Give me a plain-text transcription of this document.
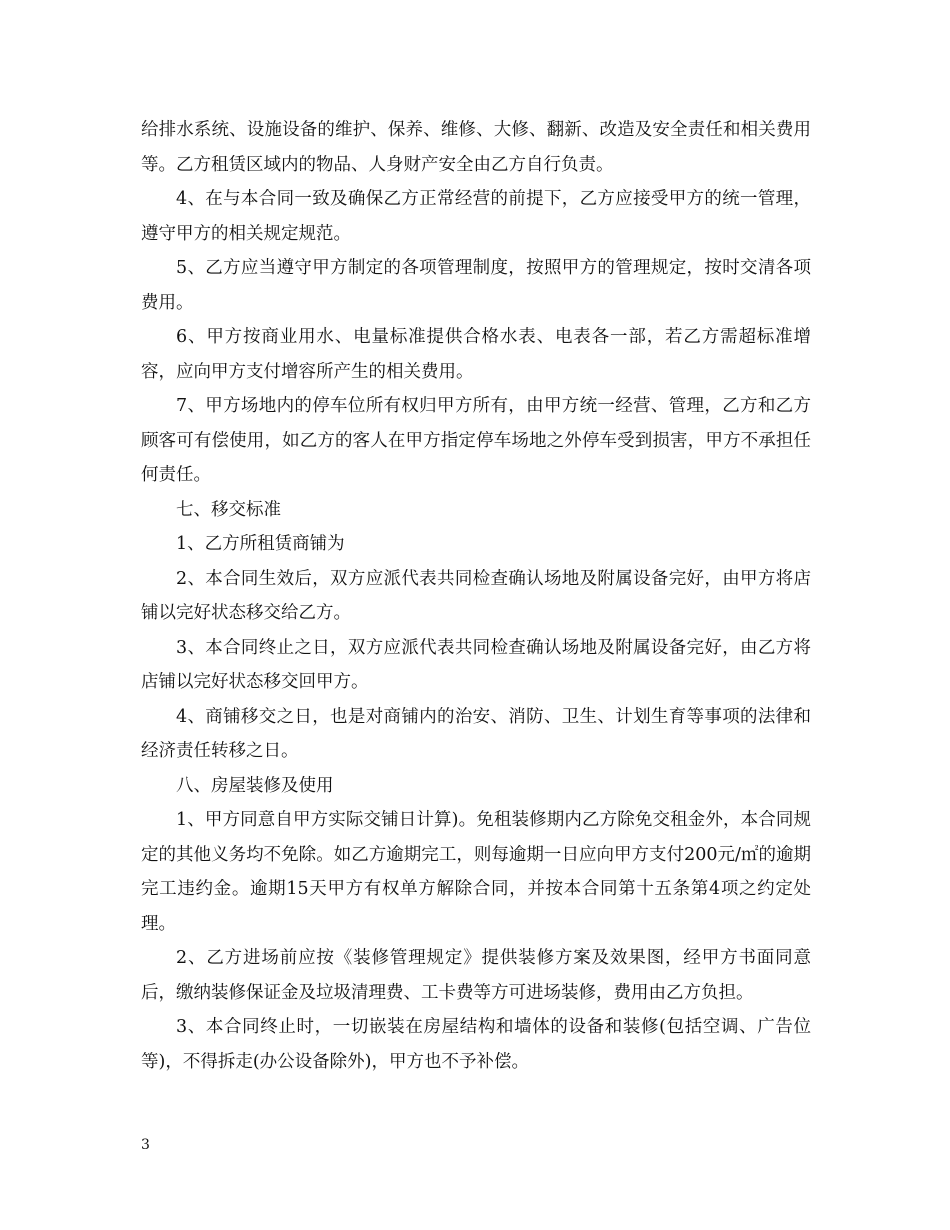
给排水系统、设施设备的维护、保养、维修、大修、翻新、改造及安全责任和相关费用等。乙方租赁区域内的物品、人身财产安全由乙方自行负责。

4、在与本合同一致及确保乙方正常经营的前提下，乙方应接受甲方的统一管理，遵守甲方的相关规定规范。

5、乙方应当遵守甲方制定的各项管理制度，按照甲方的管理规定，按时交清各项费用。

6、甲方按商业用水、电量标准提供合格水表、电表各一部，若乙方需超标准增容，应向甲方支付增容所产生的相关费用。

7、甲方场地内的停车位所有权归甲方所有，由甲方统一经营、管理，乙方和乙方顾客可有偿使用，如乙方的客人在甲方指定停车场地之外停车受到损害，甲方不承担任何责任。

七、移交标准

1、乙方所租赁商铺为

2、本合同生效后，双方应派代表共同检查确认场地及附属设备完好，由甲方将店铺以完好状态移交给乙方。

3、本合同终止之日，双方应派代表共同检查确认场地及附属设备完好，由乙方将店铺以完好状态移交回甲方。

4、商铺移交之日，也是对商铺内的治安、消防、卫生、计划生育等事项的法律和经济责任转移之日。

八、房屋装修及使用

1、甲方同意自甲方实际交铺日计算)。免租装修期内乙方除免交租金外，本合同规定的其他义务均不免除。如乙方逾期完工，则每逾期一日应向甲方支付200元/㎡的逾期完工违约金。逾期15天甲方有权单方解除合同，并按本合同第十五条第4项之约定处理。

2、乙方进场前应按《装修管理规定》提供装修方案及效果图，经甲方书面同意后，缴纳装修保证金及垃圾清理费、工卡费等方可进场装修，费用由乙方负担。

3、本合同终止时，一切嵌装在房屋结构和墙体的设备和装修(包括空调、广告位等)，不得拆走(办公设备除外)，甲方也不予补偿。

3
